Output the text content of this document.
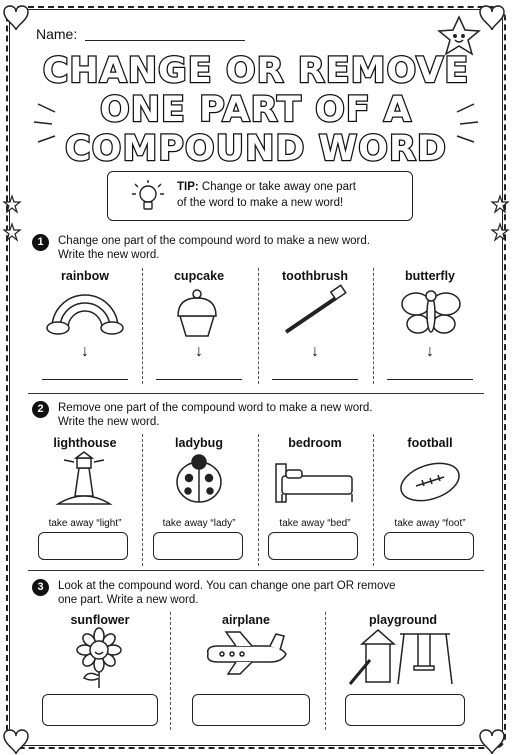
Name:
CHANGE OR REMOVE
ONE PART OF A
COMPOUND WORD
TIP: Change or take away one part
of the word to make a new word!
1	Change one part of the compound word to make a new word.
Write the new word.
rainbow	cupcake	toothbrush	butterfly
↓	↓	↓	↓
2	Remove one part of the compound word to make a new word.
Write the new word.
lighthouse	ladybug	bedroom	football
take away “light”	take away “lady”	take away “bed”	take away “foot”
3	Look at the compound word. You can change one part OR remove
one part. Write a new word.
sunflower	airplane	playground
